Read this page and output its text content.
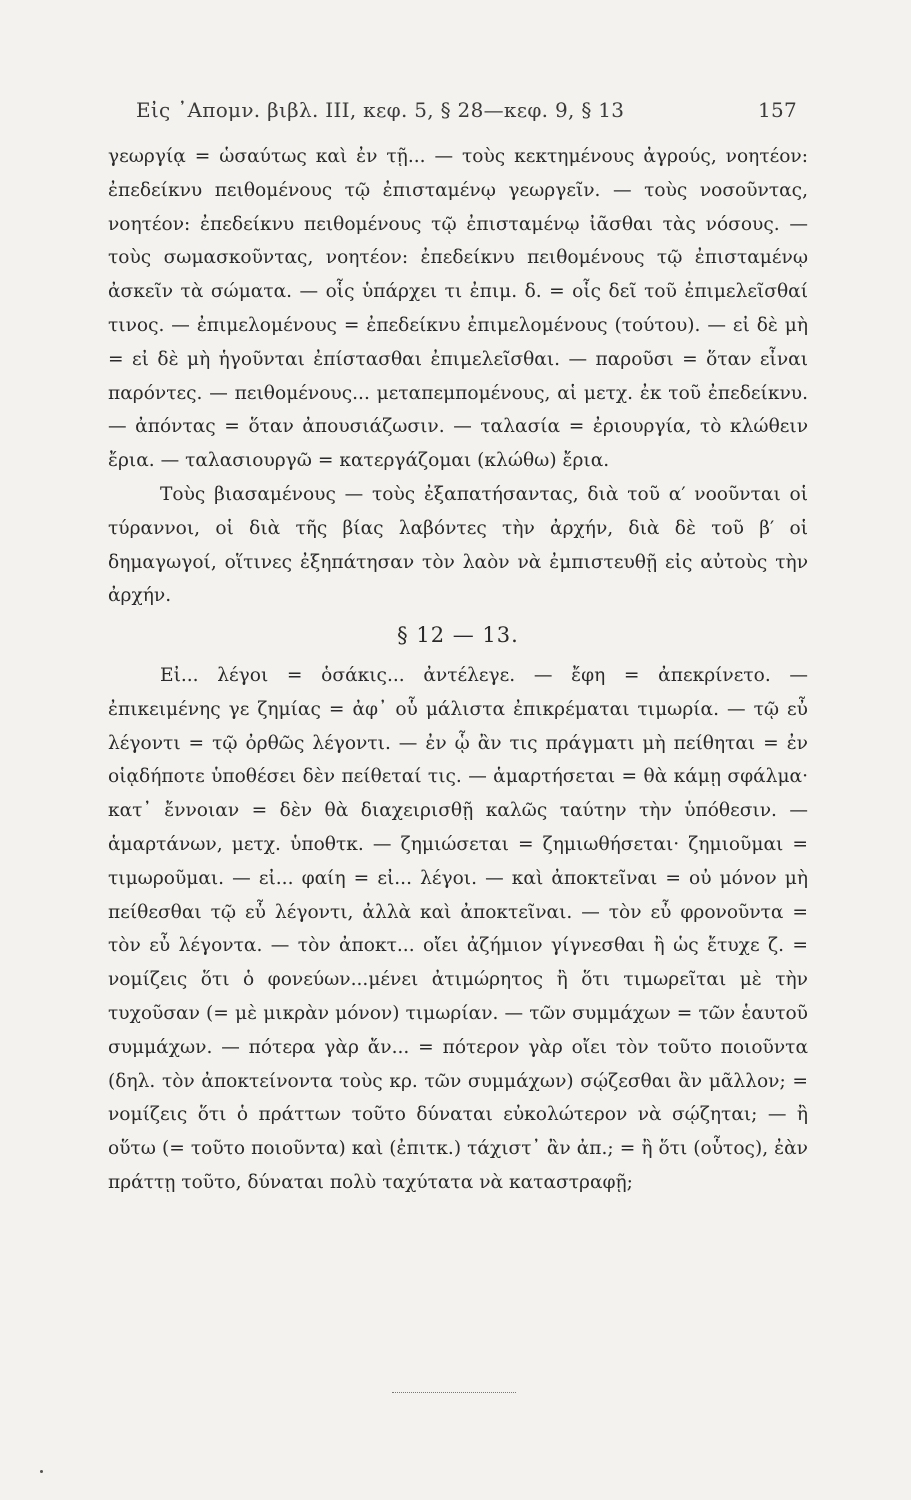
Εἰς ᾿Απομν. βιβλ. III, κεφ. 5, § 28—κεφ. 9, § 13	157

γεωργίᾳ = ὡσαύτως καὶ ἐν τῇ... — τοὺς κεκτημένους ἀγρούς, νοητέον: ἐπεδείκνυ πειθομένους τῷ ἐπισταμένῳ γεωργεῖν. — τοὺς νοσοῦντας, νοητέον: ἐπεδείκνυ πειθομένους τῷ ἐπισταμένῳ ἰᾶσθαι τὰς νόσους. — τοὺς σωμασκοῦντας, νοητέον: ἐπεδείκνυ πειθομένους τῷ ἐπισταμένῳ ἀσκεῖν τὰ σώματα. — οἷς ὑπάρχει τι ἐπιμ. δ. = οἷς δεῖ τοῦ ἐπιμελεῖσθαί τινος. — ἐπιμελομένους = ἐπεδείκνυ ἐπιμελομένους (τούτου). — εἰ δὲ μὴ = εἰ δὲ μὴ ἡγοῦνται ἐπίστασθαι ἐπιμελεῖσθαι. — παροῦσι = ὅταν εἶναι παρόντες. — πειθομένους... μεταπεμπομένους, αἱ μετχ. ἐκ τοῦ ἐπεδείκνυ. — ἀπόντας = ὅταν ἀπουσιάζωσιν. — ταλασία = ἐριουργία, τὸ κλώθειν ἔρια. — ταλασιουργῶ = κατεργάζομαι (κλώθω) ἔρια.

Τοὺς βιασαμένους — τοὺς ἐξαπατήσαντας, διὰ τοῦ α′ νοοῦνται οἱ τύραννοι, οἱ διὰ τῆς βίας λαβόντες τὴν ἀρχήν, διὰ δὲ τοῦ β′ οἱ δημαγωγοί, οἵτινες ἐξηπάτησαν τὸν λαὸν νὰ ἐμπιστευθῇ εἰς αὐτοὺς τὴν ἀρχήν.

§ 12 — 13.

Εἰ... λέγοι = ὁσάκις... ἀντέλεγε. — ἔφη = ἀπεκρίνετο. — ἐπικειμένης γε ζημίας = ἀφ᾽ οὗ μάλιστα ἐπικρέμαται τιμωρία. — τῷ εὖ λέγοντι = τῷ ὀρθῶς λέγοντι. — ἐν ᾧ ἂν τις πράγματι μὴ πείθηται = ἐν οἱᾳδήποτε ὑποθέσει δὲν πείθεταί τις. — ἁμαρτήσεται = θὰ κάμῃ σφάλμα· κατ᾽ ἔννοιαν = δὲν θὰ διαχειρισθῇ καλῶς ταύτην τὴν ὑπόθεσιν. — ἁμαρτάνων, μετχ. ὑποθτκ. — ζημιώσεται = ζημιωθήσεται· ζημιοῦμαι = τιμωροῦμαι. — εἰ... φαίη = εἰ... λέγοι. — καὶ ἀποκτεῖναι = οὐ μόνον μὴ πείθεσθαι τῷ εὖ λέγοντι, ἀλλὰ καὶ ἀποκτεῖναι. — τὸν εὖ φρονοῦντα = τὸν εὖ λέγοντα. — τὸν ἀποκτ... οἴει ἀζήμιον γίγνεσθαι ἢ ὡς ἔτυχε ζ. = νομίζεις ὅτι ὁ φονεύων...μένει ἀτιμώρητος ἢ ὅτι τιμωρεῖται μὲ τὴν τυχοῦσαν (= μὲ μικρὰν μόνον) τιμωρίαν. — τῶν συμμάχων = τῶν ἑαυτοῦ συμμάχων. — πότερα γὰρ ἄν... = πότερον γὰρ οἴει τὸν τοῦτο ποιοῦντα (δηλ. τὸν ἀποκτείνοντα τοὺς κρ. τῶν συμμάχων) σῴζεσθαι ἂν μᾶλλον; = νομίζεις ὅτι ὁ πράττων τοῦτο δύναται εὐκολώτερον νὰ σῴζηται; — ἢ οὕτω (= τοῦτο ποιοῦντα) καὶ (ἐπιτκ.) τάχιστ᾽ ἂν ἀπ.; = ἢ ὅτι (οὗτος), ἐὰν πράττῃ τοῦτο, δύναται πολὺ ταχύτατα νὰ καταστραφῇ;
